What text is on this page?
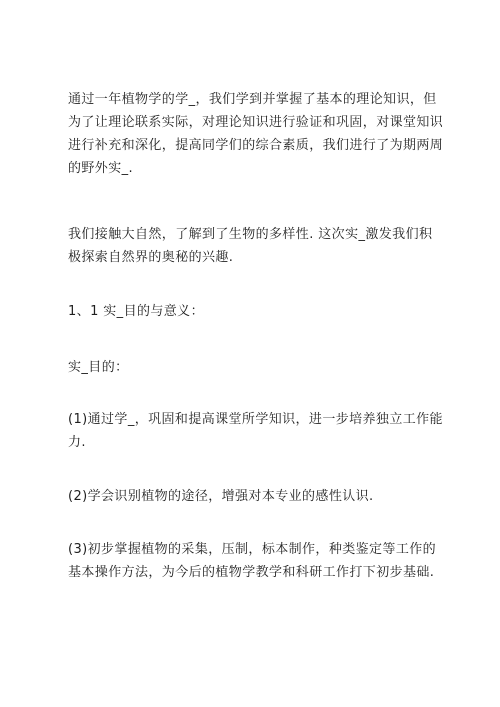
通过一年植物学的学_，我们学到并掌握了基本的理论知识，但
为了让理论联系实际，对理论知识进行验证和巩固，对课堂知识
进行补充和深化，提高同学们的综合素质，我们进行了为期两周
的野外实_.

我们接触大自然，了解到了生物的多样性. 这次实_激发我们积
极探索自然界的奥秘的兴趣.

1、1 实_目的与意义：

实_目的：

(1)通过学_，巩固和提高课堂所学知识，进一步培养独立工作能
力.

(2)学会识别植物的途径，增强对本专业的感性认识.

(3)初步掌握植物的采集，压制，标本制作，种类鉴定等工作的
基本操作方法，为今后的植物学教学和科研工作打下初步基础.
